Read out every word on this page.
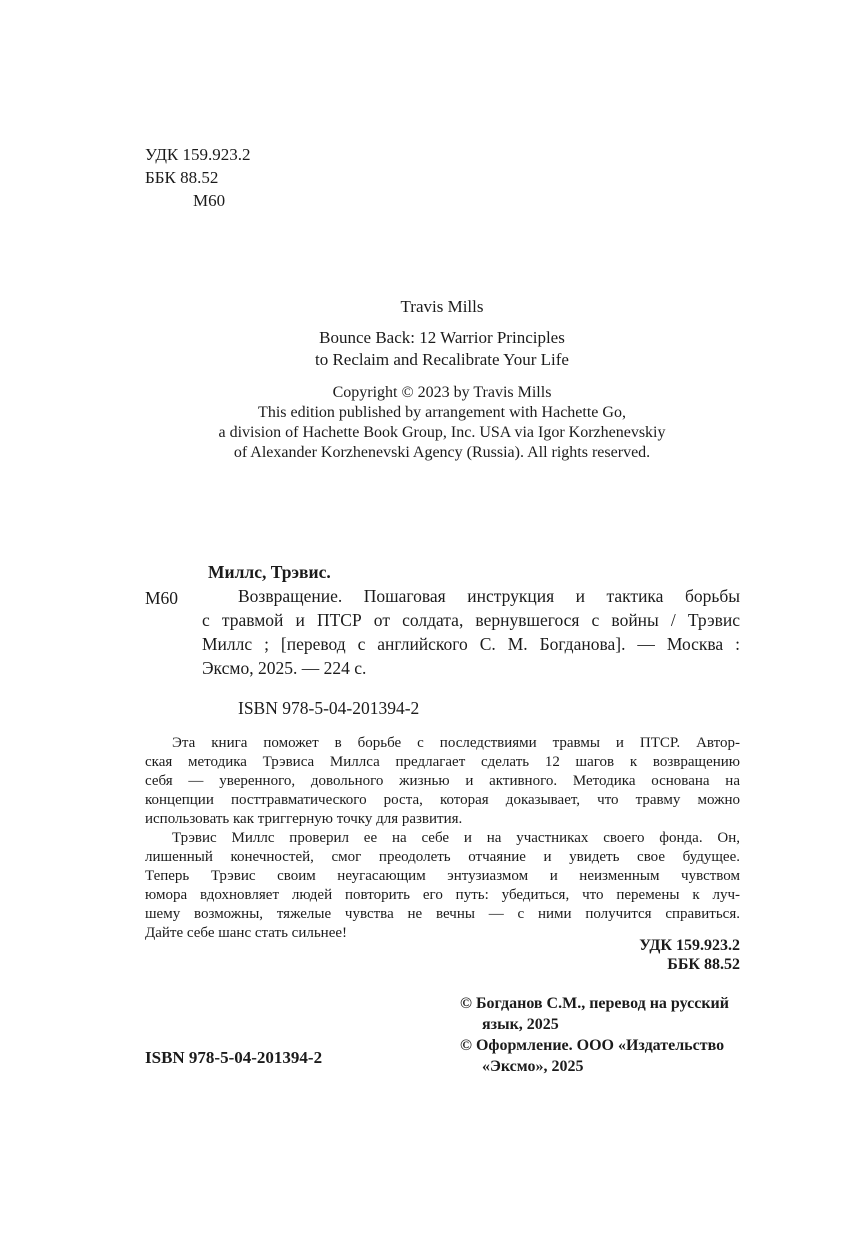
УДК 159.923.2
ББК 88.52
М60
Travis Mills
Bounce Back: 12 Warrior Principles
to Reclaim and Recalibrate Your Life
Copyright © 2023 by Travis Mills
This edition published by arrangement with Hachette Go,
a division of Hachette Book Group, Inc. USA via Igor Korzhenevskiy
of Alexander Korzhenevski Agency (Russia). All rights reserved.
М60
Миллс, Трэвис.
Возвращение. Пошаговая инструкция и тактика борьбы
с травмой и ПТСР от солдата, вернувшегося с войны / Трэвис
Миллс ; [перевод с английского С. М. Богданова]. — Москва :
Эксмо, 2025. — 224 с.
ISBN 978-5-04-201394-2
Эта книга поможет в борьбе с последствиями травмы и ПТСР. Автор-
ская методика Трэвиса Миллса предлагает сделать 12 шагов к возвращению
себя — уверенного, довольного жизнью и активного. Методика основана на
концепции посттравматического роста, которая доказывает, что травму можно
использовать как триггерную точку для развития.
Трэвис Миллс проверил ее на себе и на участниках своего фонда. Он,
лишенный конечностей, смог преодолеть отчаяние и увидеть свое будущее.
Теперь Трэвис своим неугасающим энтузиазмом и неизменным чувством
юмора вдохновляет людей повторить его путь: убедиться, что перемены к луч-
шему возможны, тяжелые чувства не вечны — с ними получится справиться.
Дайте себе шанс стать сильнее!
УДК 159.923.2
ББК 88.52
© Богданов С.М., перевод на русский
язык, 2025
© Оформление. ООО «Издательство
«Эксмо», 2025
ISBN 978-5-04-201394-2
